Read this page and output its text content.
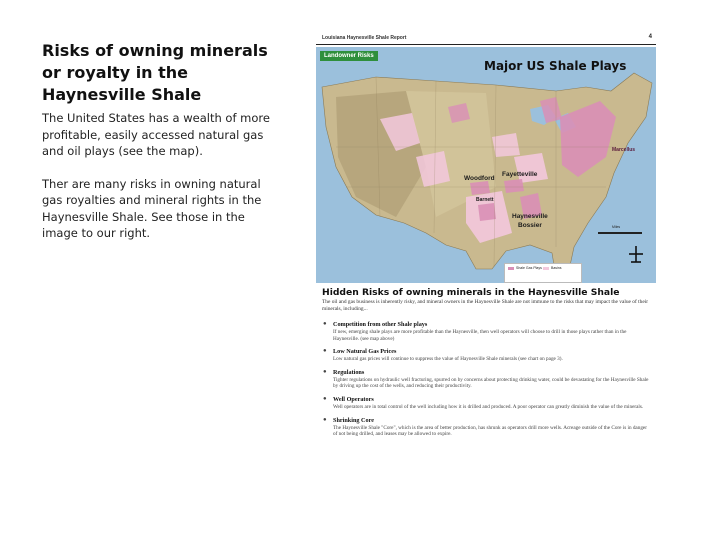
Risks of owning minerals or royalty in the Haynesville Shale
The United States has a wealth of more profitable, easily accessed natural gas and oil plays (see the map).
Ther are many risks in owning natural gas royalties and mineral rights in the Haynesville Shale. See those in the image to our right.
Louisiana Haynesville Shale Report	4
Landowner Risks
Major US Shale Plays
Woodford
Fayetteville
Barnett
Haynesville
Bossier
Marcellus
Miles
Shale Gas Plays	Basins
Hidden Risks of owning minerals in the Haynesville Shale
The oil and gas business is inherently risky, and mineral owners in the Haynesville Shale are not immune to the risks that may impact the value of their minerals, including...
● Competition from other Shale plays
If new, emerging shale plays are more profitable than the Haynesville, then well operators will choose to drill in those plays rather than in the Haynesville. (see map above)
● Low Natural Gas Prices
Low natural gas prices will continue to suppress the value of Haynesville Shale minerals (see chart on page 3).
● Regulations
Tighter regulations on hydraulic well fracturing, spurred on by concerns about protecting drinking water, could be devastating for the Haynesville Shale by driving up the cost of the wells, and reducing their productivity.
● Well Operators
Well operators are in total control of the well including how it is drilled and produced. A poor operator can greatly diminish the value of the minerals.
● Shrinking Core
The Haynesville Shale "Core", which is the area of better production, has shrunk as operators drill more wells. Acreage outside of the Core is in danger of not being drilled, and leases may be allowed to expire.
